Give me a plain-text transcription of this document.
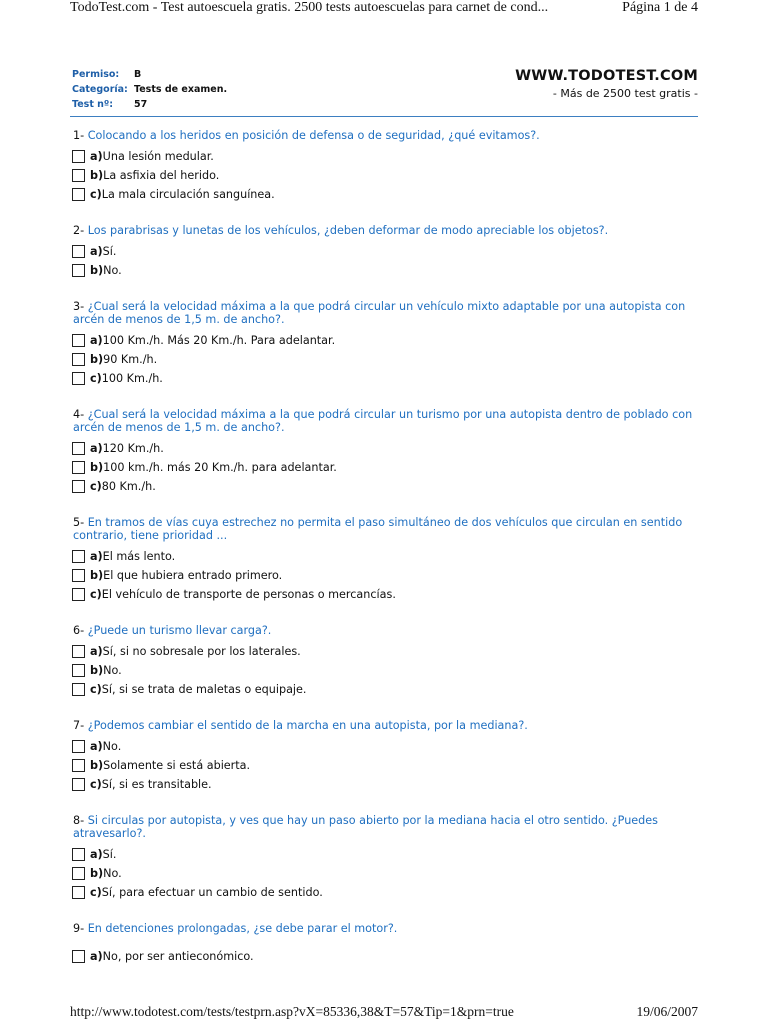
TodoTest.com - Test autoescuela gratis. 2500 tests autoescuelas para carnet de cond...	Página 1 de 4
Permiso:	B
Categoría: Tests de examen.
Test nº:	57
WWW.TODOTEST.COM
- Más de 2500 test gratis -
1- Colocando a los heridos en posición de defensa o de seguridad, ¿qué evitamos?.
a) Una lesión medular.
b) La asfixia del herido.
c) La mala circulación sanguínea.
2- Los parabrisas y lunetas de los vehículos, ¿deben deformar de modo apreciable los objetos?.
a) Sí.
b) No.
3- ¿Cual será la velocidad máxima a la que podrá circular un vehículo mixto adaptable por una autopista con arcén de menos de 1,5 m. de ancho?.
a) 100 Km./h. Más 20 Km./h. Para adelantar.
b) 90 Km./h.
c) 100 Km./h.
4- ¿Cual será la velocidad máxima a la que podrá circular un turismo por una autopista dentro de poblado con arcén de menos de 1,5 m. de ancho?.
a) 120 Km./h.
b) 100 km./h. más 20 Km./h. para adelantar.
c) 80 Km./h.
5- En tramos de vías cuya estrechez no permita el paso simultáneo de dos vehículos que circulan en sentido contrario, tiene prioridad ...
a) El más lento.
b) El que hubiera entrado primero.
c) El vehículo de transporte de personas o mercancías.
6- ¿Puede un turismo llevar carga?.
a) Sí, si no sobresale por los laterales.
b) No.
c) Sí, si se trata de maletas o equipaje.
7- ¿Podemos cambiar el sentido de la marcha en una autopista, por la mediana?.
a) No.
b) Solamente si está abierta.
c) Sí, si es transitable.
8- Si circulas por autopista, y ves que hay un paso abierto por la mediana hacia el otro sentido. ¿Puedes atravesarlo?.
a) Sí.
b) No.
c) Sí, para efectuar un cambio de sentido.
9- En detenciones prolongadas, ¿se debe parar el motor?.
a) No, por ser antieconómico.
http://www.todotest.com/tests/testprn.asp?vX=85336,38&T=57&Tip=1&prn=true	19/06/2007
